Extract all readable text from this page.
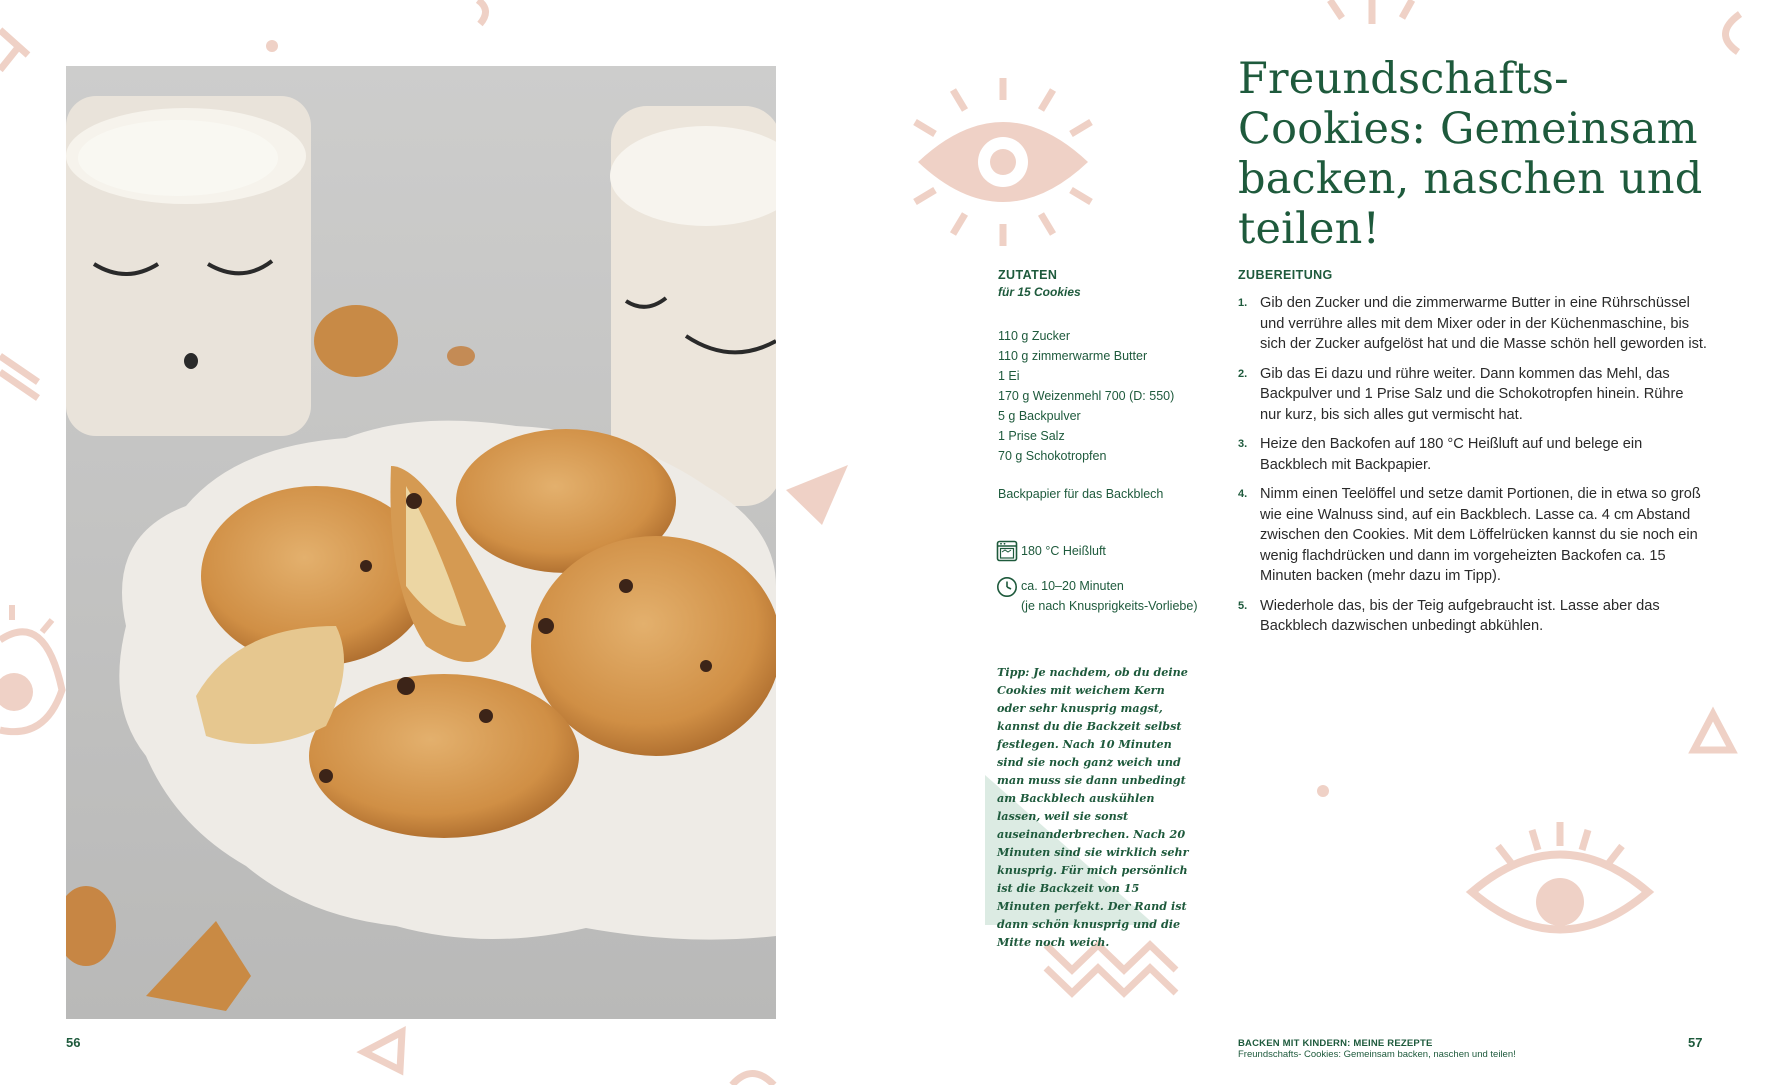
Freundschafts-Cookies: Gemeinsam backen, naschen und teilen!
ZUTATEN
für 15 Cookies
110 g Zucker
110 g zimmerwarme Butter
1 Ei
170 g Weizenmehl 700 (D: 550)
5 g Backpulver
1 Prise Salz
70 g Schokotropfen
Backpapier für das Backblech
180 °C Heißluft
ca. 10–20 Minuten
(je nach Knusprigkeits-Vorliebe)
Tipp: Je nachdem, ob du deine Cookies mit weichem Kern oder sehr knusprig magst, kannst du die Backzeit selbst festlegen. Nach 10 Minuten sind sie noch ganz weich und man muss sie dann unbedingt am Backblech auskühlen lassen, weil sie sonst auseinanderbrechen. Nach 20 Minuten sind sie wirklich sehr knusprig. Für mich persönlich ist die Backzeit von 15 Minuten perfekt. Der Rand ist dann schön knusprig und die Mitte noch weich.
ZUBEREITUNG
1. Gib den Zucker und die zimmerwarme Butter in eine Rührschüssel und verrühre alles mit dem Mixer oder in der Küchenmaschine, bis sich der Zucker aufgelöst hat und die Masse schön hell geworden ist.
2. Gib das Ei dazu und rühre weiter. Dann kommen das Mehl, das Backpulver und 1 Prise Salz und die Schokotropfen hinein. Rühre nur kurz, bis sich alles gut vermischt hat.
3. Heize den Backofen auf 180 °C Heißluft auf und belege ein Backblech mit Backpapier.
4. Nimm einen Teelöffel und setze damit Portionen, die in etwa so groß wie eine Walnuss sind, auf ein Backblech. Lasse ca. 4 cm Abstand zwischen den Cookies. Mit dem Löffelrücken kannst du sie noch ein wenig flachdrücken und dann im vorgeheizten Backofen ca. 15 Minuten backen (mehr dazu im Tipp).
5. Wiederhole das, bis der Teig aufgebraucht ist. Lasse aber das Backblech dazwischen unbedingt abkühlen.
56	57
BACKEN MIT KINDERN: MEINE REZEPTE
Freundschafts- Cookies: Gemeinsam backen, naschen und teilen!
